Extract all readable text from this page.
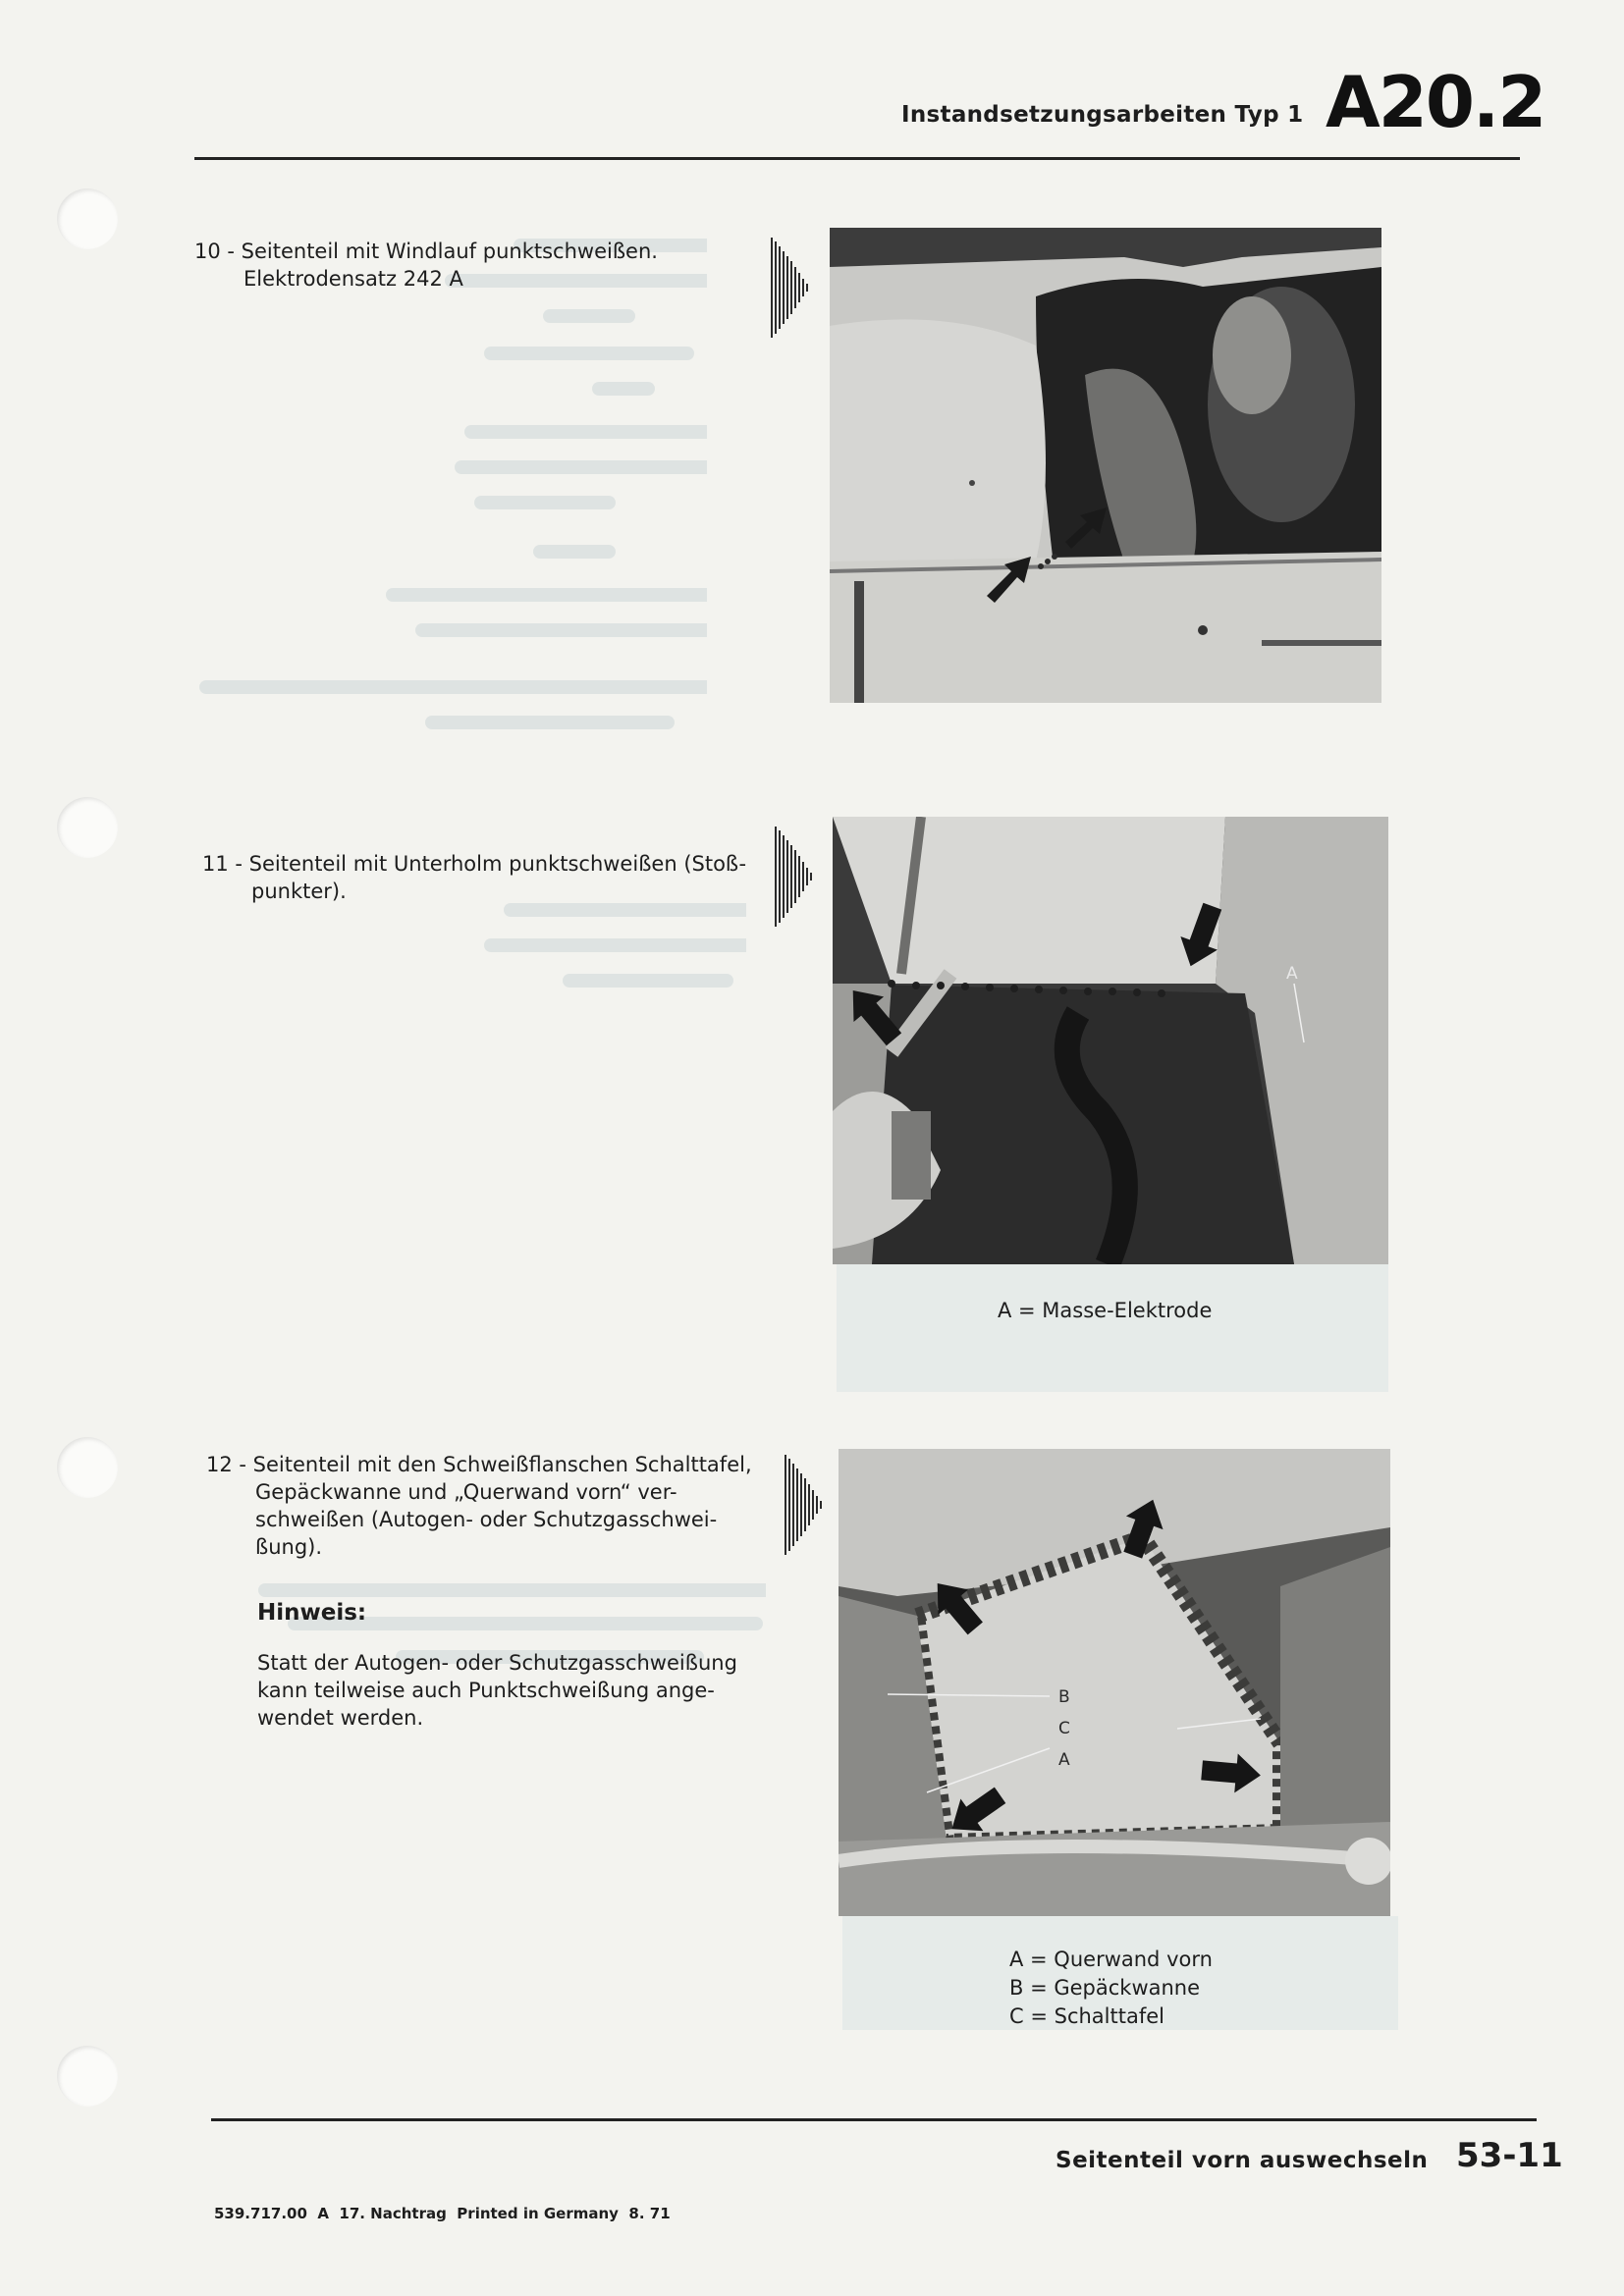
Instandsetzungsarbeiten Typ 1 A20.2
10 - Seitenteil mit Windlauf punktschweißen.
Elektrodensatz 242 A
11 - Seitenteil mit Unterholm punktschweißen (Stoß-
punkter).
A
A = Masse-Elektrode
12 - Seitenteil mit den Schweißflanschen Schalttafel,
Gepäckwanne und „Querwand vorn“ ver-
schweißen (Autogen- oder Schutzgasschwei-
ßung).
Hinweis:
Statt der Autogen- oder Schutzgasschweißung
kann teilweise auch Punktschweißung ange-
wendet werden.
B
C
A
A = Querwand vorn
B = Gepäckwanne
C = Schalttafel
Seitenteil vorn auswechseln 53-11
539.717.00  A  17. Nachtrag  Printed in Germany  8. 71
